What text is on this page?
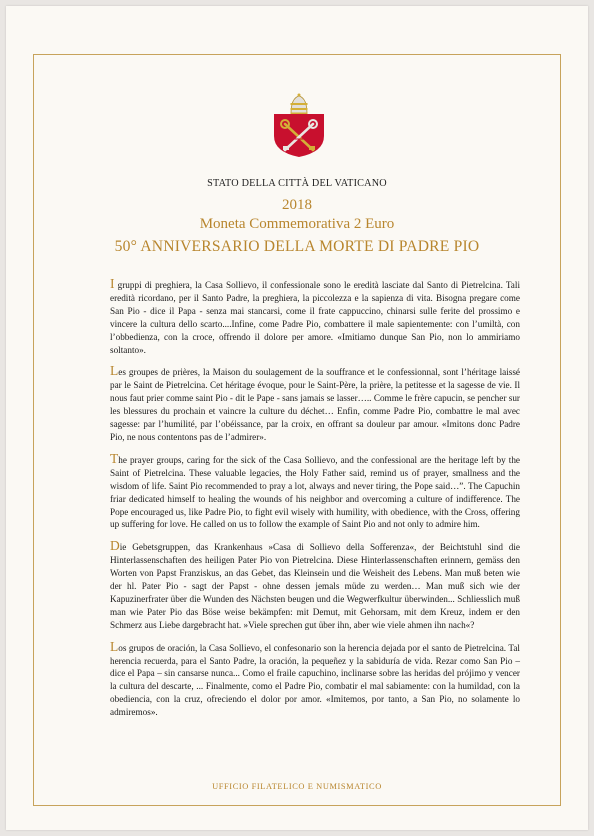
STATO DELLA CITTÀ DEL VATICANO
2018
Moneta Commemorativa 2 Euro
50° ANNIVERSARIO DELLA MORTE DI PADRE PIO

I gruppi di preghiera, la Casa Sollievo, il confessionale sono le eredità lasciate dal Santo di Pietrelcina. Tali eredità ricordano, per il Santo Padre, la preghiera, la piccolezza e la sapienza di vita. Bisogna pregare come San Pio - dice il Papa - senza mai stancarsi, come il frate cappuccino, chinarsi sulle ferite del prossimo e vincere la cultura dello scarto....Infine, come Padre Pio, combattere il male sapientemente: con l’umiltà, con l’obbedienza, con la croce, offrendo il dolore per amore. «Imitiamo dunque San Pio, non lo ammiriamo soltanto».

Les groupes de prières, la Maison du soulagement de la souffrance et le confessionnal, sont l’héritage laissé par le Saint de Pietrelcina. Cet héritage évoque, pour le Saint-Père, la prière, la petitesse et la sagesse de vie. Il nous faut prier comme saint Pio - dit le Pape - sans jamais se lasser….. Comme le frère capucin, se pencher sur les blessures du prochain et vaincre la culture du déchet… Enfin, comme Padre Pio, combattre le mal avec sagesse: par l’humilité, par l’obéissance, par la croix, en offrant sa douleur par amour. «Imitons donc Padre Pio, ne nous contentons pas de l’admirer».

The prayer groups, caring for the sick of the Casa Sollievo, and the confessional are the heritage left by the Saint of Pietrelcina. These valuable legacies, the Holy Father said, remind us of prayer, smallness and the wisdom of life. Saint Pio recommended to pray a lot, always and never tiring, the Pope said…”. The Capuchin friar dedicated himself to healing the wounds of his neighbor and overcoming a culture of indifference. The Pope encouraged us, like Padre Pio, to fight evil wisely with humility, with obedience, with the Cross, offering up suffering for love. He called on us to follow the example of Saint Pio and not only to admire him.

Die Gebetsgruppen, das Krankenhaus »Casa di Sollievo della Sofferenza«, der Beichtstuhl sind die Hinterlassenschaften des heiligen Pater Pio von Pietrelcina. Diese Hinterlassenschaften erinnern, gemäss den Worten von Papst Franziskus, an das Gebet, das Kleinsein und die Weisheit des Lebens. Man muß beten wie der hl. Pater Pio - sagt der Papst - ohne dessen jemals müde zu werden… Man muß sich wie der Kapuzinerfrater über die Wunden des Nächsten beugen und die Wegwerfkultur überwinden... Schliesslich muß man wie Pater Pio das Böse weise bekämpfen: mit Demut, mit Gehorsam, mit dem Kreuz, indem er den Schmerz aus Liebe dargebracht hat. »Viele sprechen gut über ihn, aber wie viele ahmen ihn nach«?

Los grupos de oración, la Casa Sollievo, el confesonario son la herencia dejada por el santo de Pietrelcina. Tal herencia recuerda, para el Santo Padre, la oración, la pequeñez y la sabiduría de vida. Rezar como San Pio – dice el Papa – sin cansarse nunca... Como el fraile capuchino, inclinarse sobre las heridas del prójimo y vencer la cultura del descarte, ... Finalmente, como el Padre Pio, combatir el mal sabiamente: con la humildad, con la obediencia, con la cruz, ofreciendo el dolor por amor. «Imitemos, por tanto, a San Pio, no solamente lo admiremos».

UFFICIO FILATELICO E NUMISMATICO
